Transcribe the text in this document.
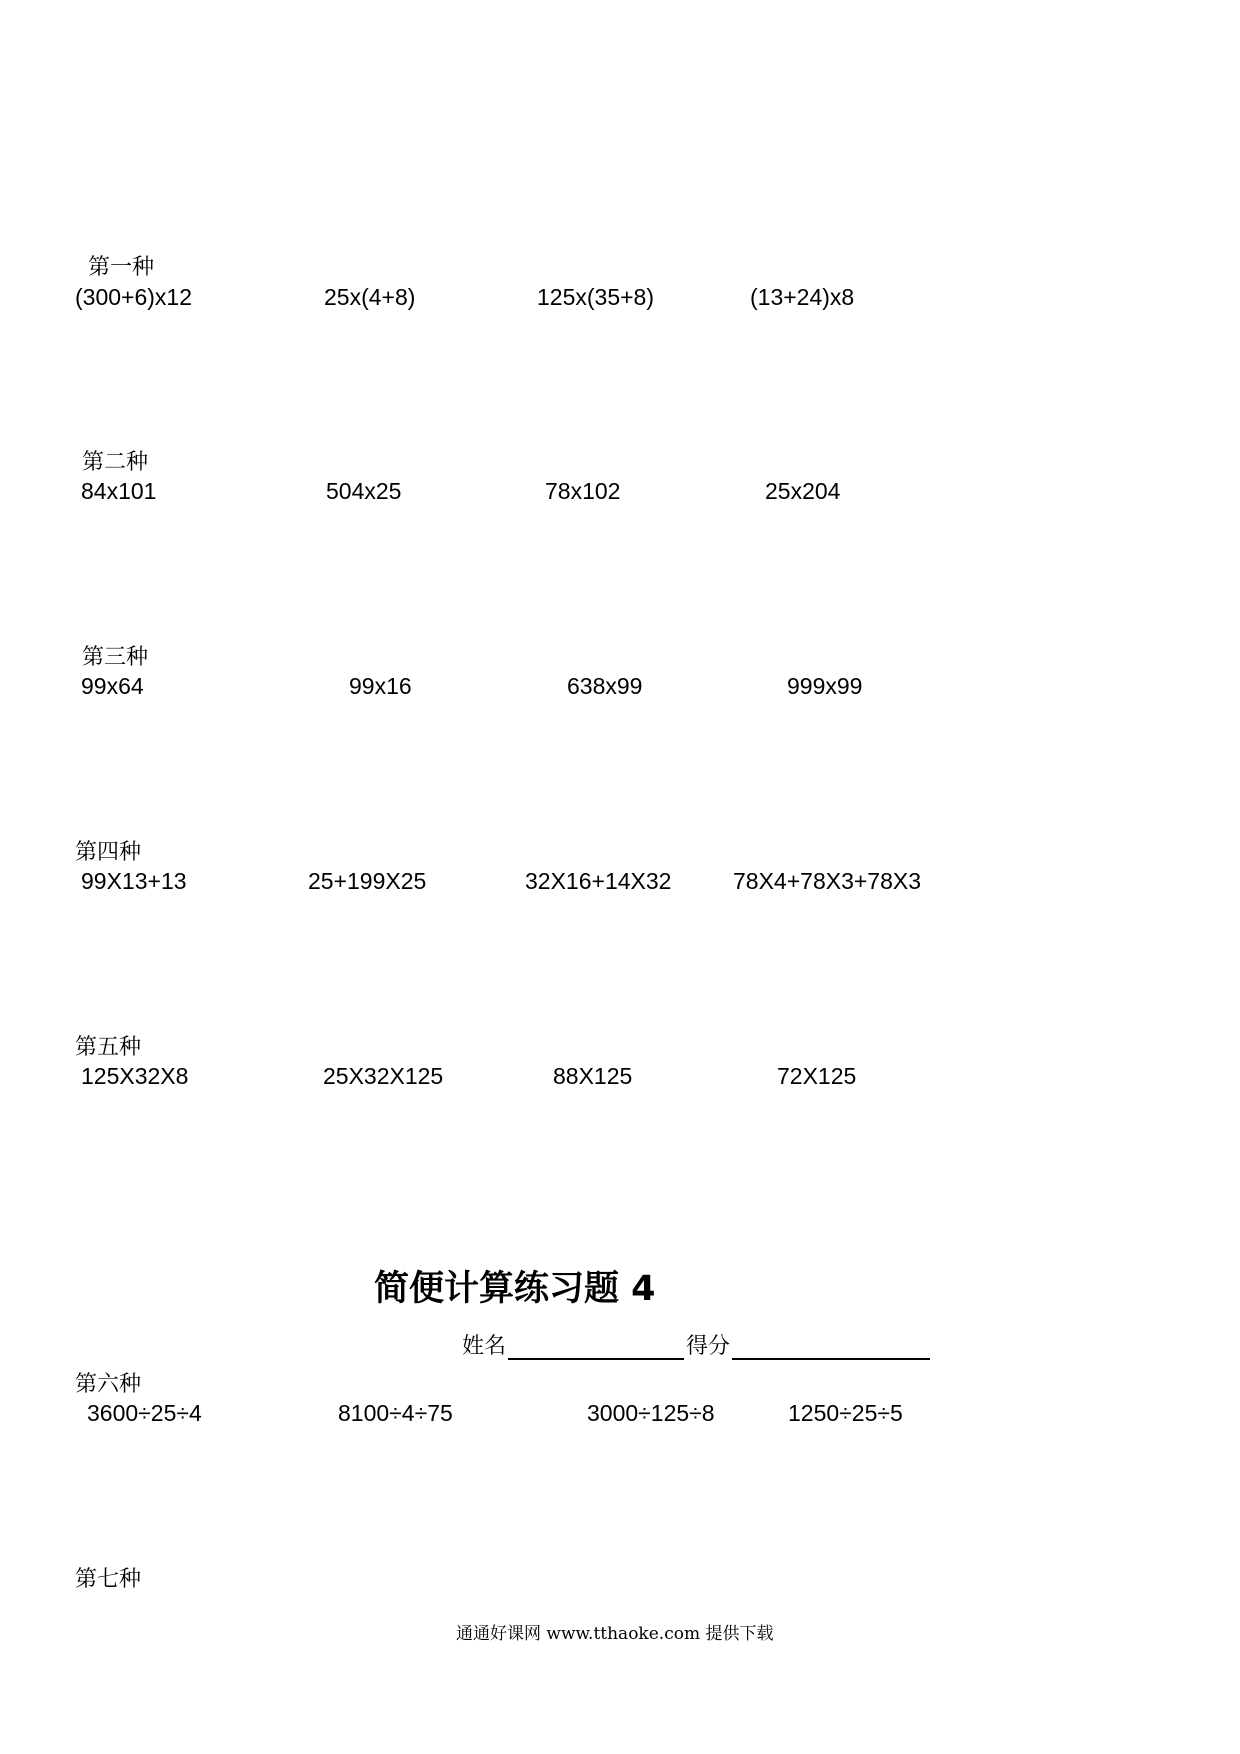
第一种
(300+6)x12	25x(4+8)	125x(35+8)	(13+24)x8
第二种
84x101	504x25	78x102	25x204
第三种
99x64	99x16	638x99	999x99
第四种
99X13+13	25+199X25	32X16+14X32	78X4+78X3+78X3
第五种
125X32X8	25X32X125	88X125	72X125
简便计算练习题 4
姓名	得分
第六种
3600÷25÷4	8100÷4÷75	3000÷125÷8	1250÷25÷5
第七种
通通好课网 www.tthaoke.com 提供下载
